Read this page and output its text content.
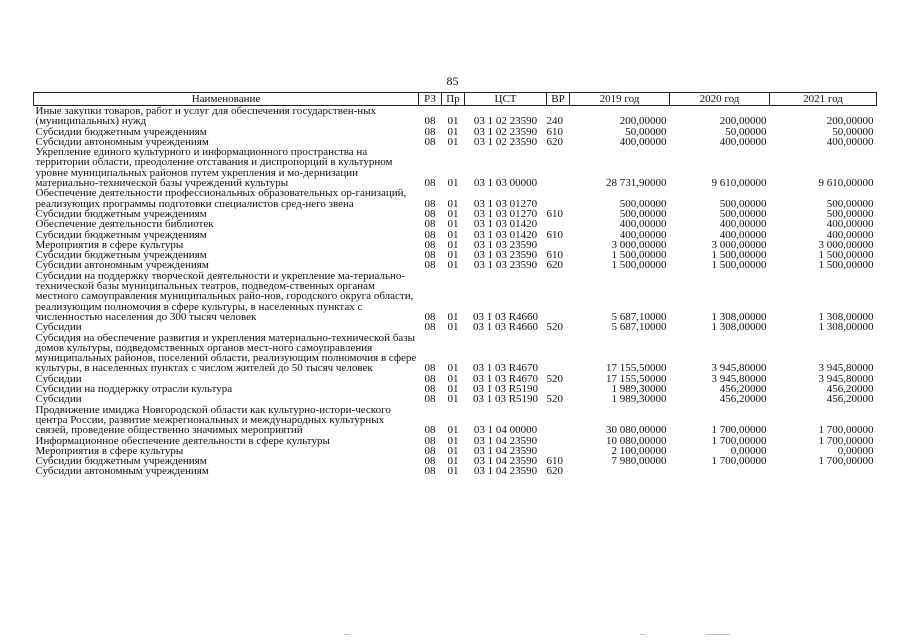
85
Наименование	РЗ	Пр	ЦСТ	ВР	2019 год	2020 год	2021 год
Иные закупки товаров, работ и услуг для обеспечения государствен-ных (муниципальных) нужд	08	01	03 1 02 23590	240	200,00000	200,00000	200,00000
Субсидии бюджетным учреждениям	08	01	03 1 02 23590	610	50,00000	50,00000	50,00000
Субсидии автономным учреждениям	08	01	03 1 02 23590	620	400,00000	400,00000	400,00000
Укрепление единого культурного и информационного пространства на территории области, преодоление отставания и диспропорций в культурном уровне муниципальных районов путем укрепления и мо-дернизации материально-технической базы учреждений культуры	08	01	03 1 03 00000		28 731,90000	9 610,00000	9 610,00000
Обеспечение деятельности профессиональных образовательных ор-ганизаций, реализующих программы подготовки специалистов сред-него звена	08	01	03 1 03 01270		500,00000	500,00000	500,00000
Субсидии бюджетным учреждениям	08	01	03 1 03 01270	610	500,00000	500,00000	500,00000
Обеспечение деятельности библиотек	08	01	03 1 03 01420		400,00000	400,00000	400,00000
Субсидии бюджетным учреждениям	08	01	03 1 03 01420	610	400,00000	400,00000	400,00000
Мероприятия в сфере культуры	08	01	03 1 03 23590		3 000,00000	3 000,00000	3 000,00000
Субсидии бюджетным учреждениям	08	01	03 1 03 23590	610	1 500,00000	1 500,00000	1 500,00000
Субсидии автономным учреждениям	08	01	03 1 03 23590	620	1 500,00000	1 500,00000	1 500,00000
Субсидии на поддержку творческой деятельности и укрепление ма-териально-технической базы муниципальных театров, подведом-ственных органам местного самоуправления муниципальных райо-нов, городского округа области, реализующим полномочия в сфере культуры, в населенных пунктах с численностью населения до 300 тысяч человек	08	01	03 1 03 R4660		5 687,10000	1 308,00000	1 308,00000
Субсидии	08	01	03 1 03 R4660	520	5 687,10000	1 308,00000	1 308,00000
Субсидия на обеспечение развития и укрепления материально-технической базы домов культуры, подведомственных органов мест-ного самоуправления муниципальных районов, поселений области, реализующим полномочия в сфере культуры, в населенных пунктах с числом жителей до 50 тысяч человек	08	01	03 1 03 R4670		17 155,50000	3 945,80000	3 945,80000
Субсидии	08	01	03 1 03 R4670	520	17 155,50000	3 945,80000	3 945,80000
Субсидии на поддержку отрасли культура	08	01	03 1 03 R5190		1 989,30000	456,20000	456,20000
Субсидии	08	01	03 1 03 R5190	520	1 989,30000	456,20000	456,20000
Продвижение имиджа Новгородской области как культурно-истори-ческого центра России, развитие межрегиональных и международных культурных связей, проведение общественно значимых мероприятий	08	01	03 1 04 00000		30 080,00000	1 700,00000	1 700,00000
Информационное обеспечение деятельности в сфере культуры	08	01	03 1 04 23590		10 080,00000	1 700,00000	1 700,00000
Мероприятия в сфере культуры	08	01	03 1 04 23590		2 100,00000	0,00000	0,00000
Субсидии бюджетным учреждениям	08	01	03 1 04 23590	610	7 980,00000	1 700,00000	1 700,00000
Субсидии автономным учреждениям	08	01	03 1 04 23590	620			
